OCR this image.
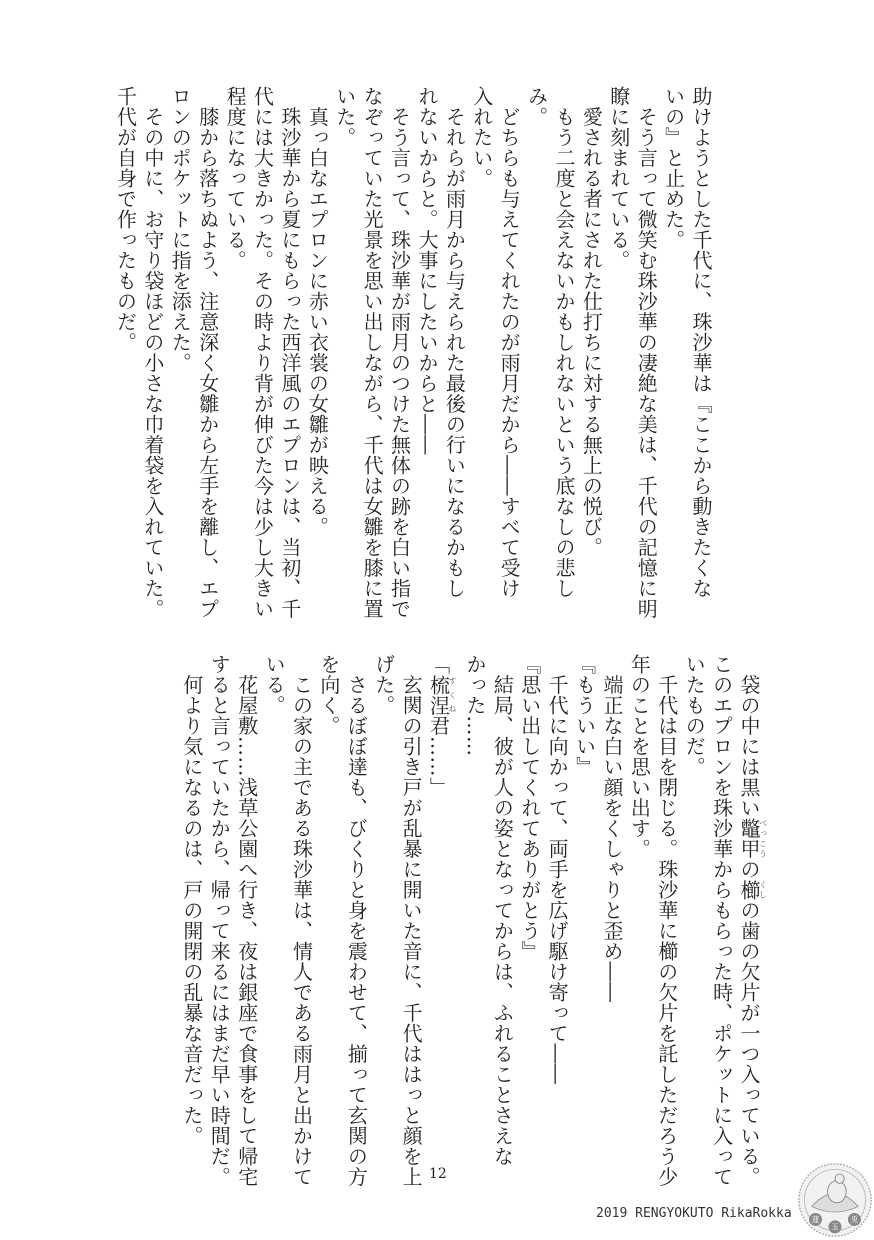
助けようとした千代に、珠沙華は『ここから動きたくな
いの』と止めた。
　そう言って微笑む珠沙華の凄絶な美は、千代の記憶に明
瞭に刻まれている。
　愛される者にされた仕打ちに対する無上の悦び。
　もう二度と会えないかもしれないという底なしの悲し
み。
　どちらも与えてくれたのが雨月だから――すべて受け
入れたい。
　それらが雨月から与えられた最後の行いになるかもし
れないからと。大事にしたいからと――
　そう言って、珠沙華が雨月のつけた無体の跡を白い指で
なぞっていた光景を思い出しながら、千代は女雛を膝に置
いた。
　真っ白なエプロンに赤い衣裳の女雛が映える。
　珠沙華から夏にもらった西洋風のエプロンは、当初、千
代には大きかった。その時より背が伸びた今は少し大きい
程度になっている。
　膝から落ちぬよう、注意深く女雛から左手を離し、エプ
ロンのポケットに指を添えた。
　その中に、お守り袋ほどの小さな巾着袋を入れていた。
千代が自身で作ったものだ。
　袋の中には黒い鼈甲べっこうの櫛くしの歯の欠片が一つ入っている。
このエプロンを珠沙華からもらった時、ポケットに入って
いたものだ。
　千代は目を閉じる。珠沙華に櫛の欠片を託しただろう少
年のことを思い出す。
　端正な白い顔をくしゃりと歪め――
『もういい』
　千代に向かって、両手を広げ駆け寄って――
『思い出してくれてありがとう』
　結局、彼が人の姿となってからは、ふれることさえな
かった……
「梳涅すくね君……」
　玄関の引き戸が乱暴に開いた音に、千代ははっと顔を上
げた。
　さるぼぼ達も、びくりと身を震わせて、揃って玄関の方
を向く。
　この家の主である珠沙華は、情人である雨月と出かけて
いる。
　花屋敷……浅草公園へ行き、夜は銀座で食事をして帰宅
すると言っていたから、帰って来るにはまだ早い時間だ。
　何より気になるのは、戸の開閉の乱暴な音だった。
12
2019 RENGYOKUTO RikaRokka	蓮
玉
兎
